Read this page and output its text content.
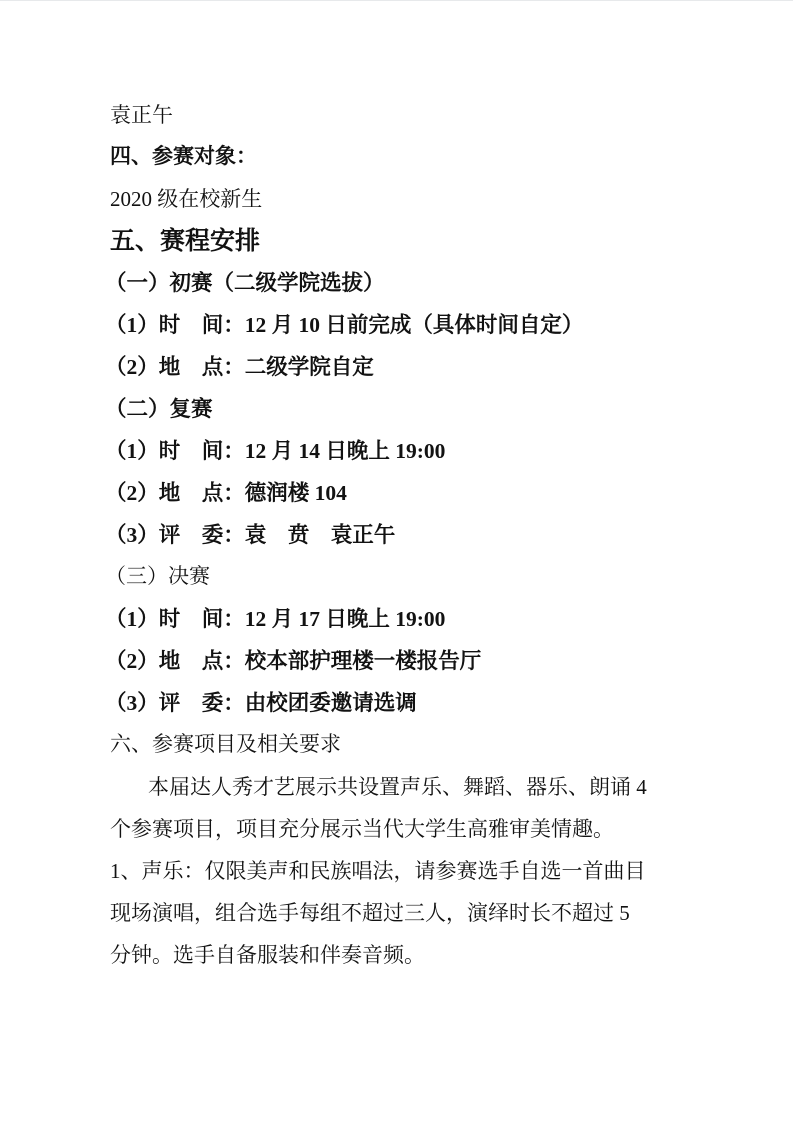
袁正午
四、参赛对象：
2020 级在校新生
五、赛程安排
（一）初赛（二级学院选拔）
（1）时　间：12 月 10 日前完成（具体时间自定）
（2）地　点：二级学院自定
（二）复赛
（1）时　间：12 月 14 日晚上 19:00
（2）地　点：德润楼 104
（3）评　委：袁　贲　袁正午
（三）决赛
（1）时　间：12 月 17 日晚上 19:00
（2）地　点：校本部护理楼一楼报告厅
（3）评　委：由校团委邀请选调
六、参赛项目及相关要求
本届达人秀才艺展示共设置声乐、舞蹈、器乐、朗诵 4
个参赛项目，项目充分展示当代大学生高雅审美情趣。
1、声乐：仅限美声和民族唱法，请参赛选手自选一首曲目
现场演唱，组合选手每组不超过三人，演绎时长不超过 5
分钟。选手自备服装和伴奏音频。
